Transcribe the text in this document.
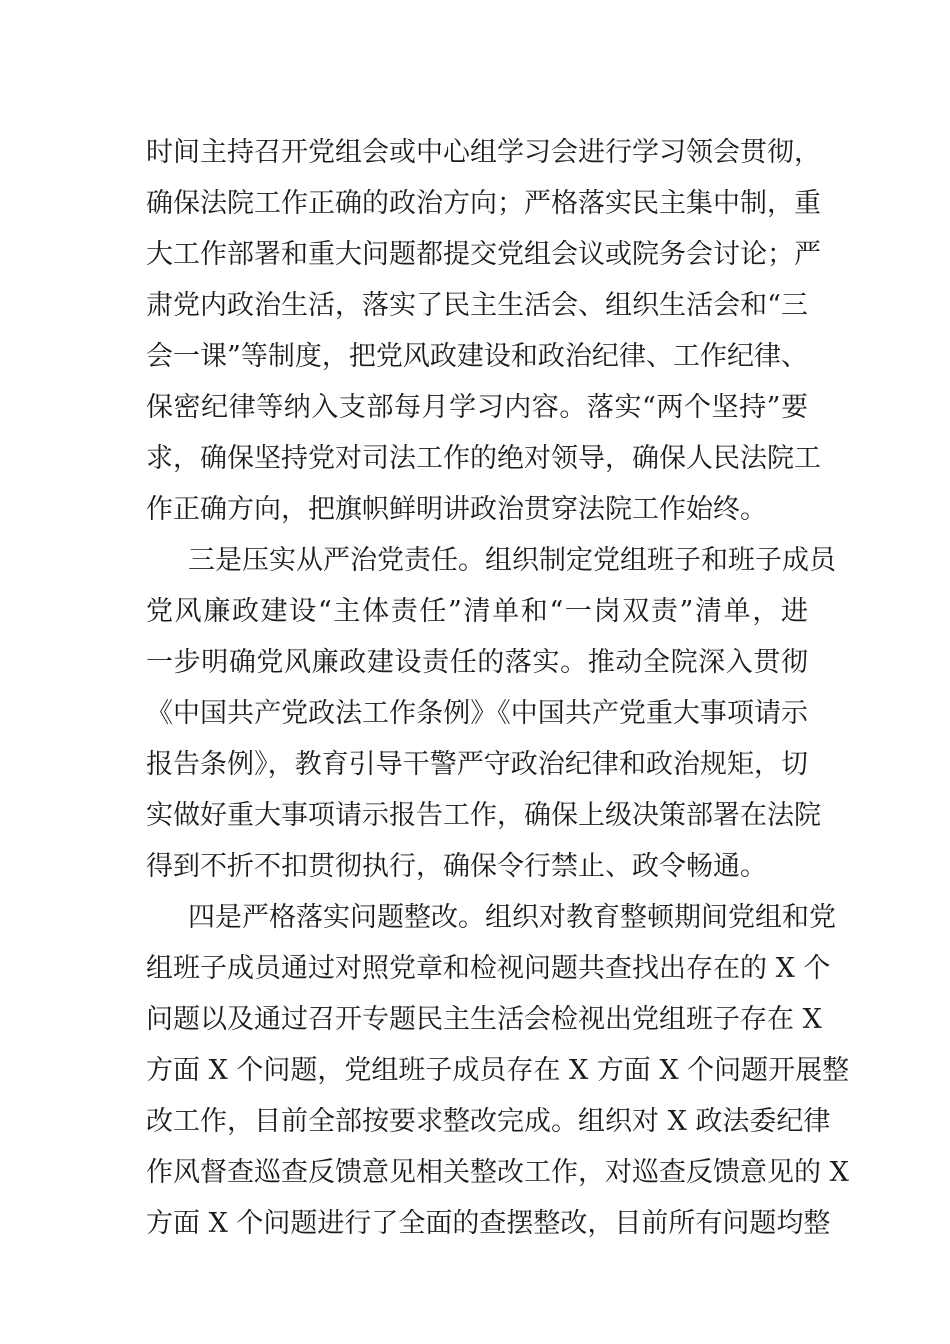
时间主持召开党组会或中心组学习会进行学习领会贯彻，
确保法院工作正确的政治方向；严格落实民主集中制，重
大工作部署和重大问题都提交党组会议或院务会讨论；严
肃党内政治生活，落实了民主生活会、组织生活会和“三
会一课”等制度，把党风政建设和政治纪律、工作纪律、
保密纪律等纳入支部每月学习内容。落实“两个坚持”要
求，确保坚持党对司法工作的绝对领导，确保人民法院工
作正确方向，把旗帜鲜明讲政治贯穿法院工作始终。
三是压实从严治党责任。组织制定党组班子和班子成员
党风廉政建设“主体责任”清单和“一岗双责”清单，进
一步明确党风廉政建设责任的落实。推动全院深入贯彻
《中国共产党政法工作条例》《中国共产党重大事项请示
报告条例》，教育引导干警严守政治纪律和政治规矩，切
实做好重大事项请示报告工作，确保上级决策部署在法院
得到不折不扣贯彻执行，确保令行禁止、政令畅通。
四是严格落实问题整改。组织对教育整顿期间党组和党
组班子成员通过对照党章和检视问题共查找出存在的 X 个
问题以及通过召开专题民主生活会检视出党组班子存在 X
方面 X 个问题，党组班子成员存在 X 方面 X 个问题开展整
改工作，目前全部按要求整改完成。组织对 X 政法委纪律
作风督查巡查反馈意见相关整改工作，对巡查反馈意见的 X
方面 X 个问题进行了全面的查摆整改，目前所有问题均整
